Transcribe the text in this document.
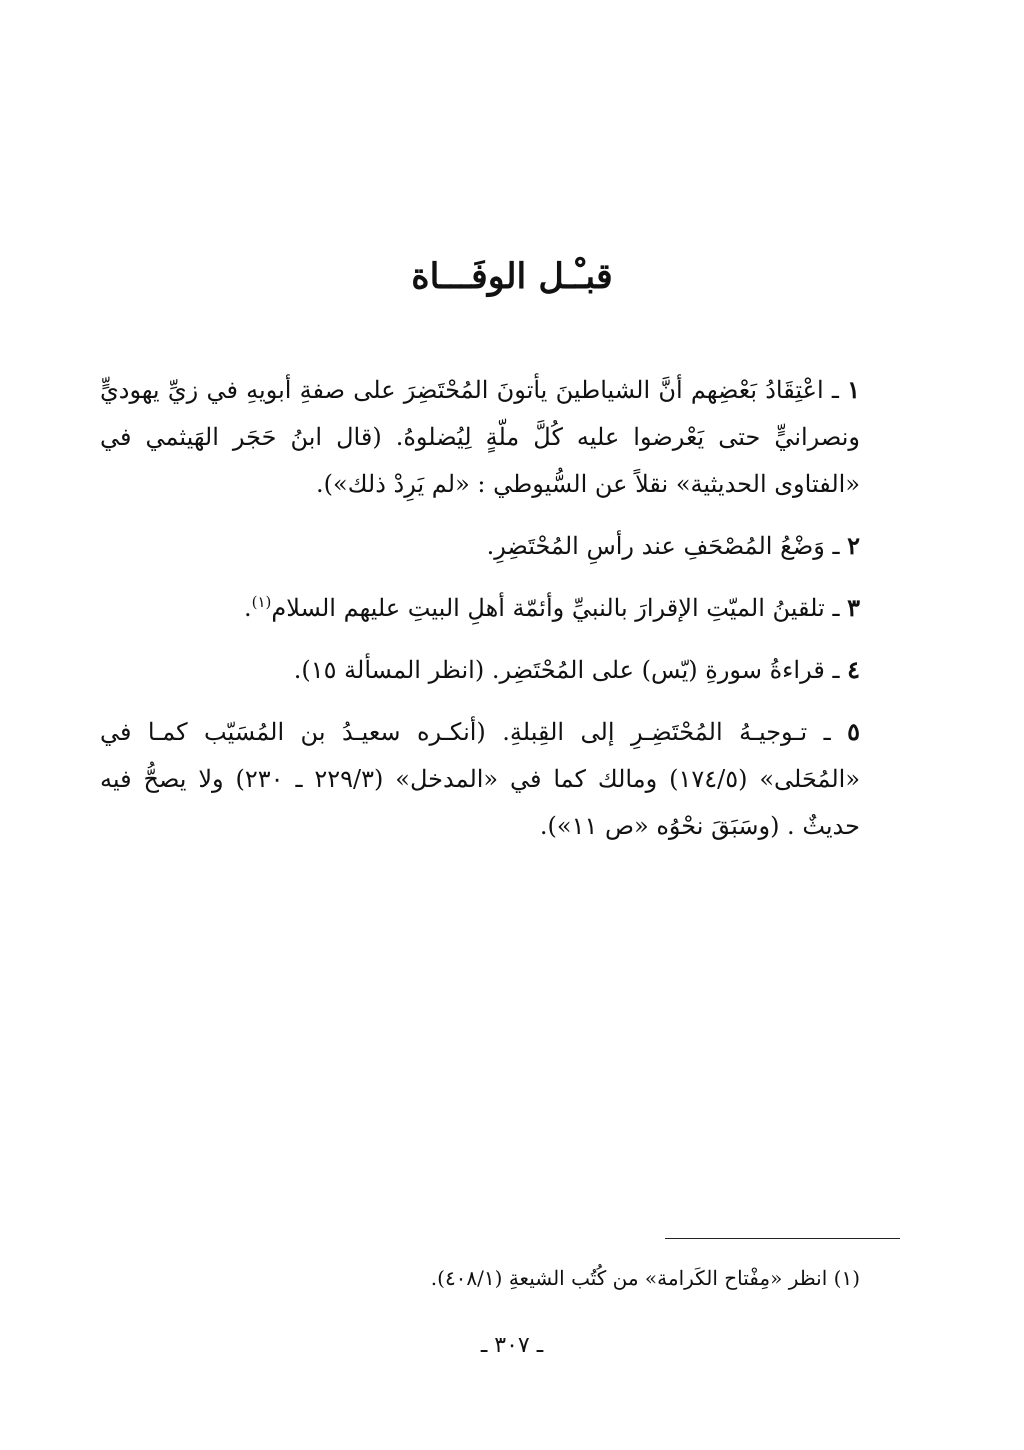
قبـْـل الوفَـــاة

١ ـ اعْتِقَادُ بَعْضِهم أنَّ الشياطينَ يأتونَ المُحْتَضِرَ على صفةِ أبويهِ في زيِّ يهوديٍّ ونصرانيٍّ حتى يَعْرضوا عليه كُلَّ ملّةٍ لِيُضلوهُ. (قال ابنُ حَجَر الهَيثمي في «الفتاوى الحديثية» نقلاً عن السُّيوطي : «لم يَرِدْ ذلك»).

٢ ـ وَضْعُ المُصْحَفِ عند رأسِ المُحْتَضِرِ.

٣ ـ تلقينُ الميّتِ الإقرارَ بالنبيِّ وأئمّة أهلِ البيتِ عليهم السلام$^{(١)}$.

٤ ـ قراءةُ سورةِ (يّس) على المُحْتَضِر. (انظر المسألة ١٥).

٥ ـ تـوجيـهُ المُحْتَضِـرِ إلى القِبلةِ. (أنكـره سعيـدُ بن المُسَيّب كمـا في «المُحَلى» (١٧٤/٥) ومالك كما في «المدخل» (٢٢٩/٣ ـ ٢٣٠) ولا يصحُّ فيه حديثٌ . (وسَبَقَ نحْوُه «ص ١١»).

(١) انظر «مِفْتاح الكَرامة» من كُتُب الشيعةِ (٤٠٨/١).
ـ ٣٠٧ ـ
